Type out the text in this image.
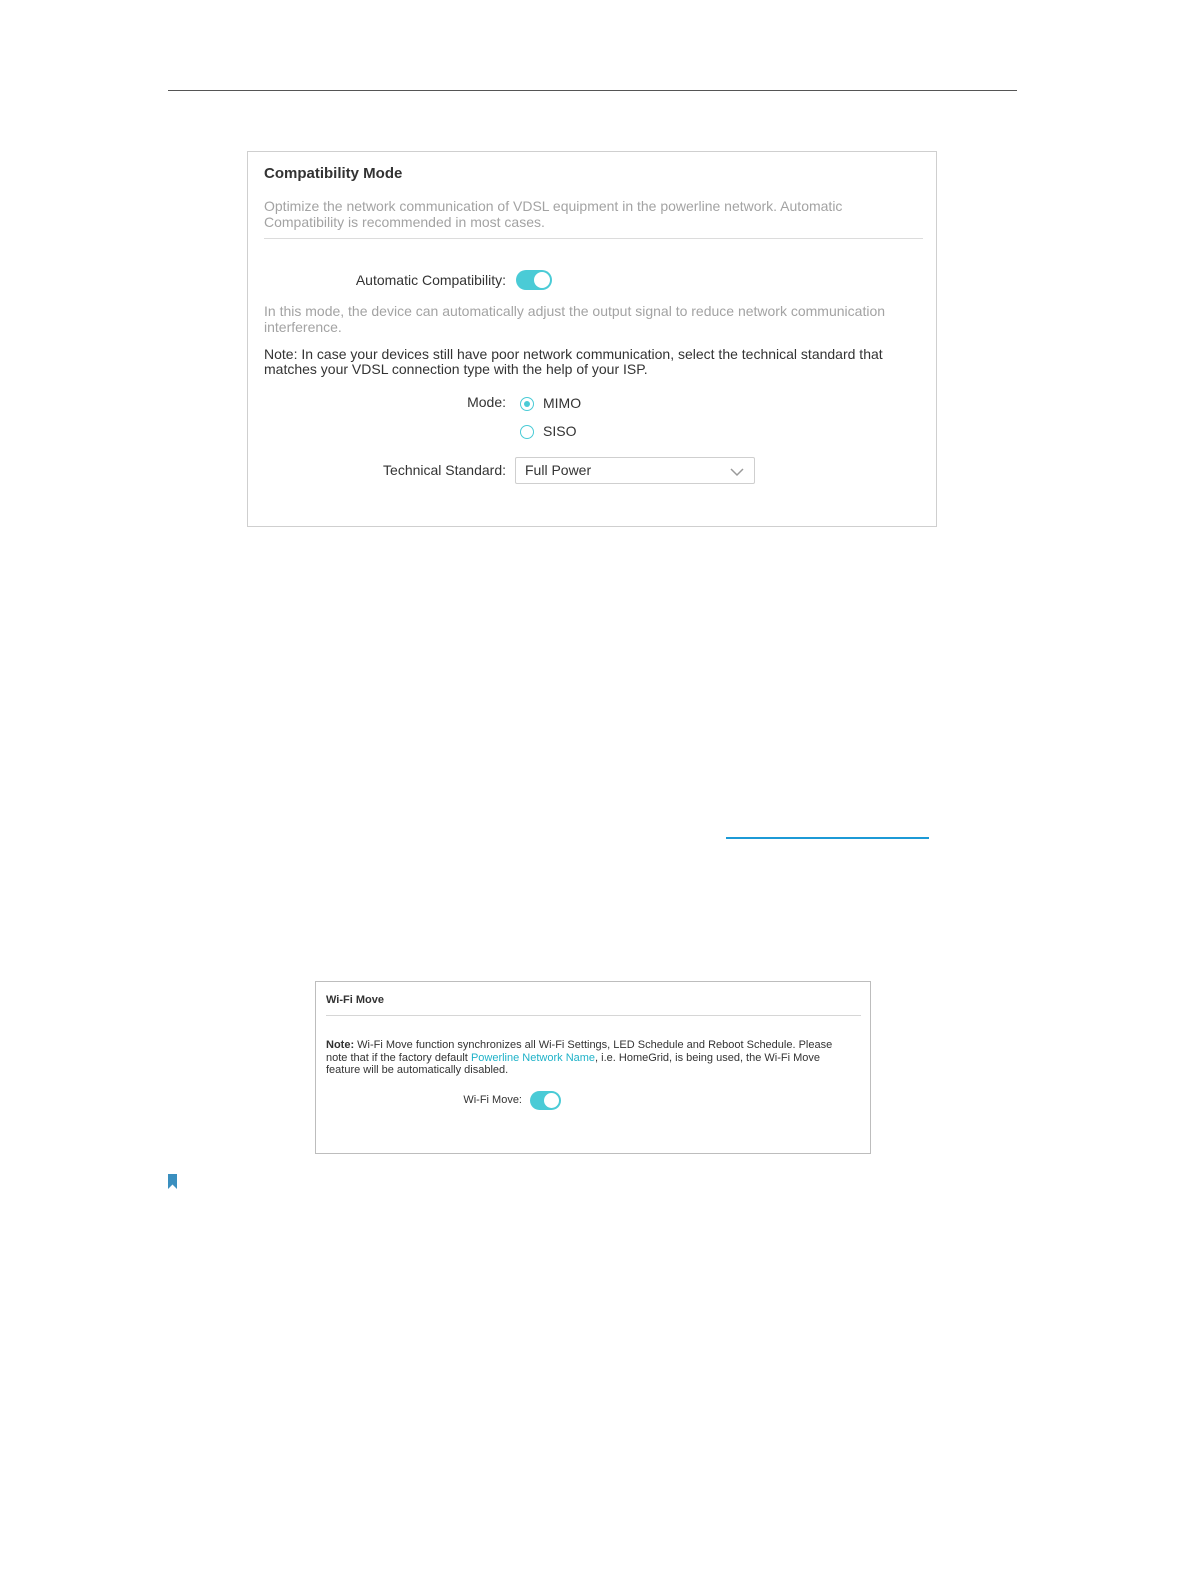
Compatibility Mode
Optimize the network communication of VDSL equipment in the powerline network. Automatic Compatibility is recommended in most cases.
Automatic Compatibility:
In this mode, the device can automatically adjust the output signal to reduce network communication interference.
Note: In case your devices still have poor network communication, select the technical standard that matches your VDSL connection type with the help of your ISP.
Mode:	MIMO
SISO
Technical Standard: Full Power
Wi-Fi Move
Note: Wi-Fi Move function synchronizes all Wi-Fi Settings, LED Schedule and Reboot Schedule. Please note that if the factory default Powerline Network Name, i.e. HomeGrid, is being used, the Wi-Fi Move feature will be automatically disabled.
Wi-Fi Move:
